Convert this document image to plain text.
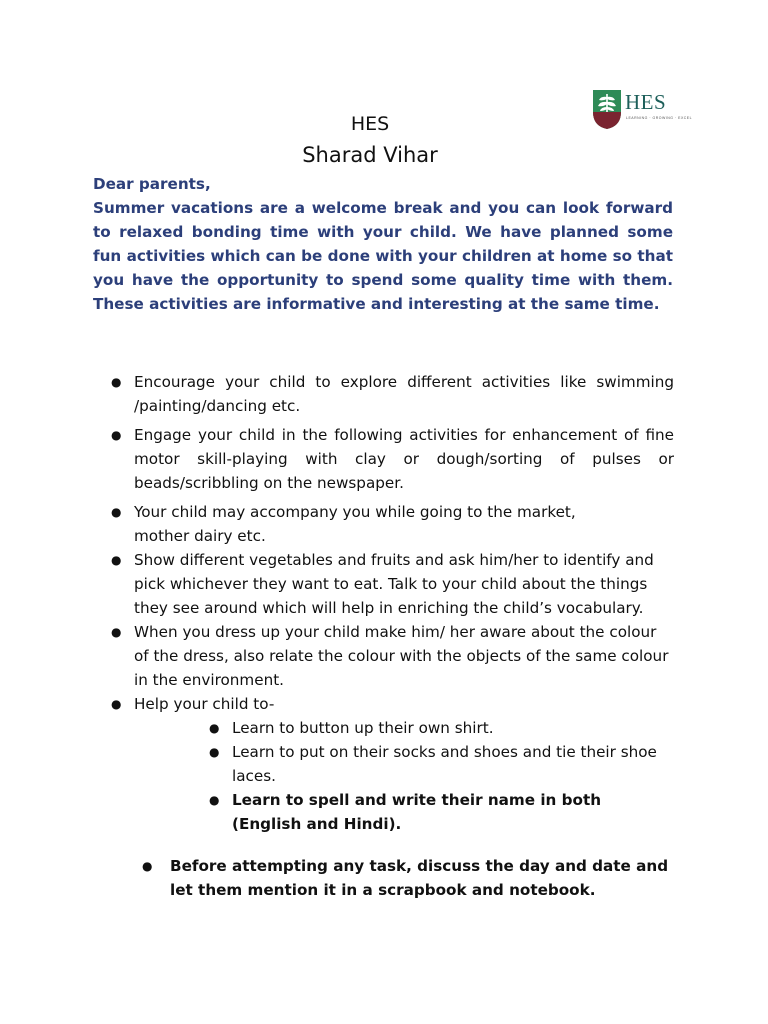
HES
LEARNING · GROWING · EXCEL
HES
Sharad Vihar

Dear parents,

Summer vacations are a welcome break and you can look forward to relaxed bonding time with your child. We have planned some fun activities which can be done with your children at home so that you have the opportunity to spend some quality time with them. These activities are informative and interesting at the same time.

● Encourage your child to explore different activities like swimming /painting/dancing etc.
● Engage your child in the following activities for enhancement of fine motor skill-playing with clay or dough/sorting of pulses or beads/scribbling on the newspaper.
● Your child may accompany you while going to the market, mother dairy etc.
● Show different vegetables and fruits and ask him/her to identify and pick whichever they want to eat. Talk to your child about the things they see around which will help in enriching the child’s vocabulary.
● When you dress up your child make him/ her aware about the colour of the dress, also relate the colour with the objects of the same colour in the environment.
● Help your child to-
● Learn to button up their own shirt.
● Learn to put on their socks and shoes and tie their shoe laces.
● Learn to spell and write their name in both (English and Hindi).
● Before attempting any task, discuss the day and date and let them mention it in a scrapbook and notebook.
